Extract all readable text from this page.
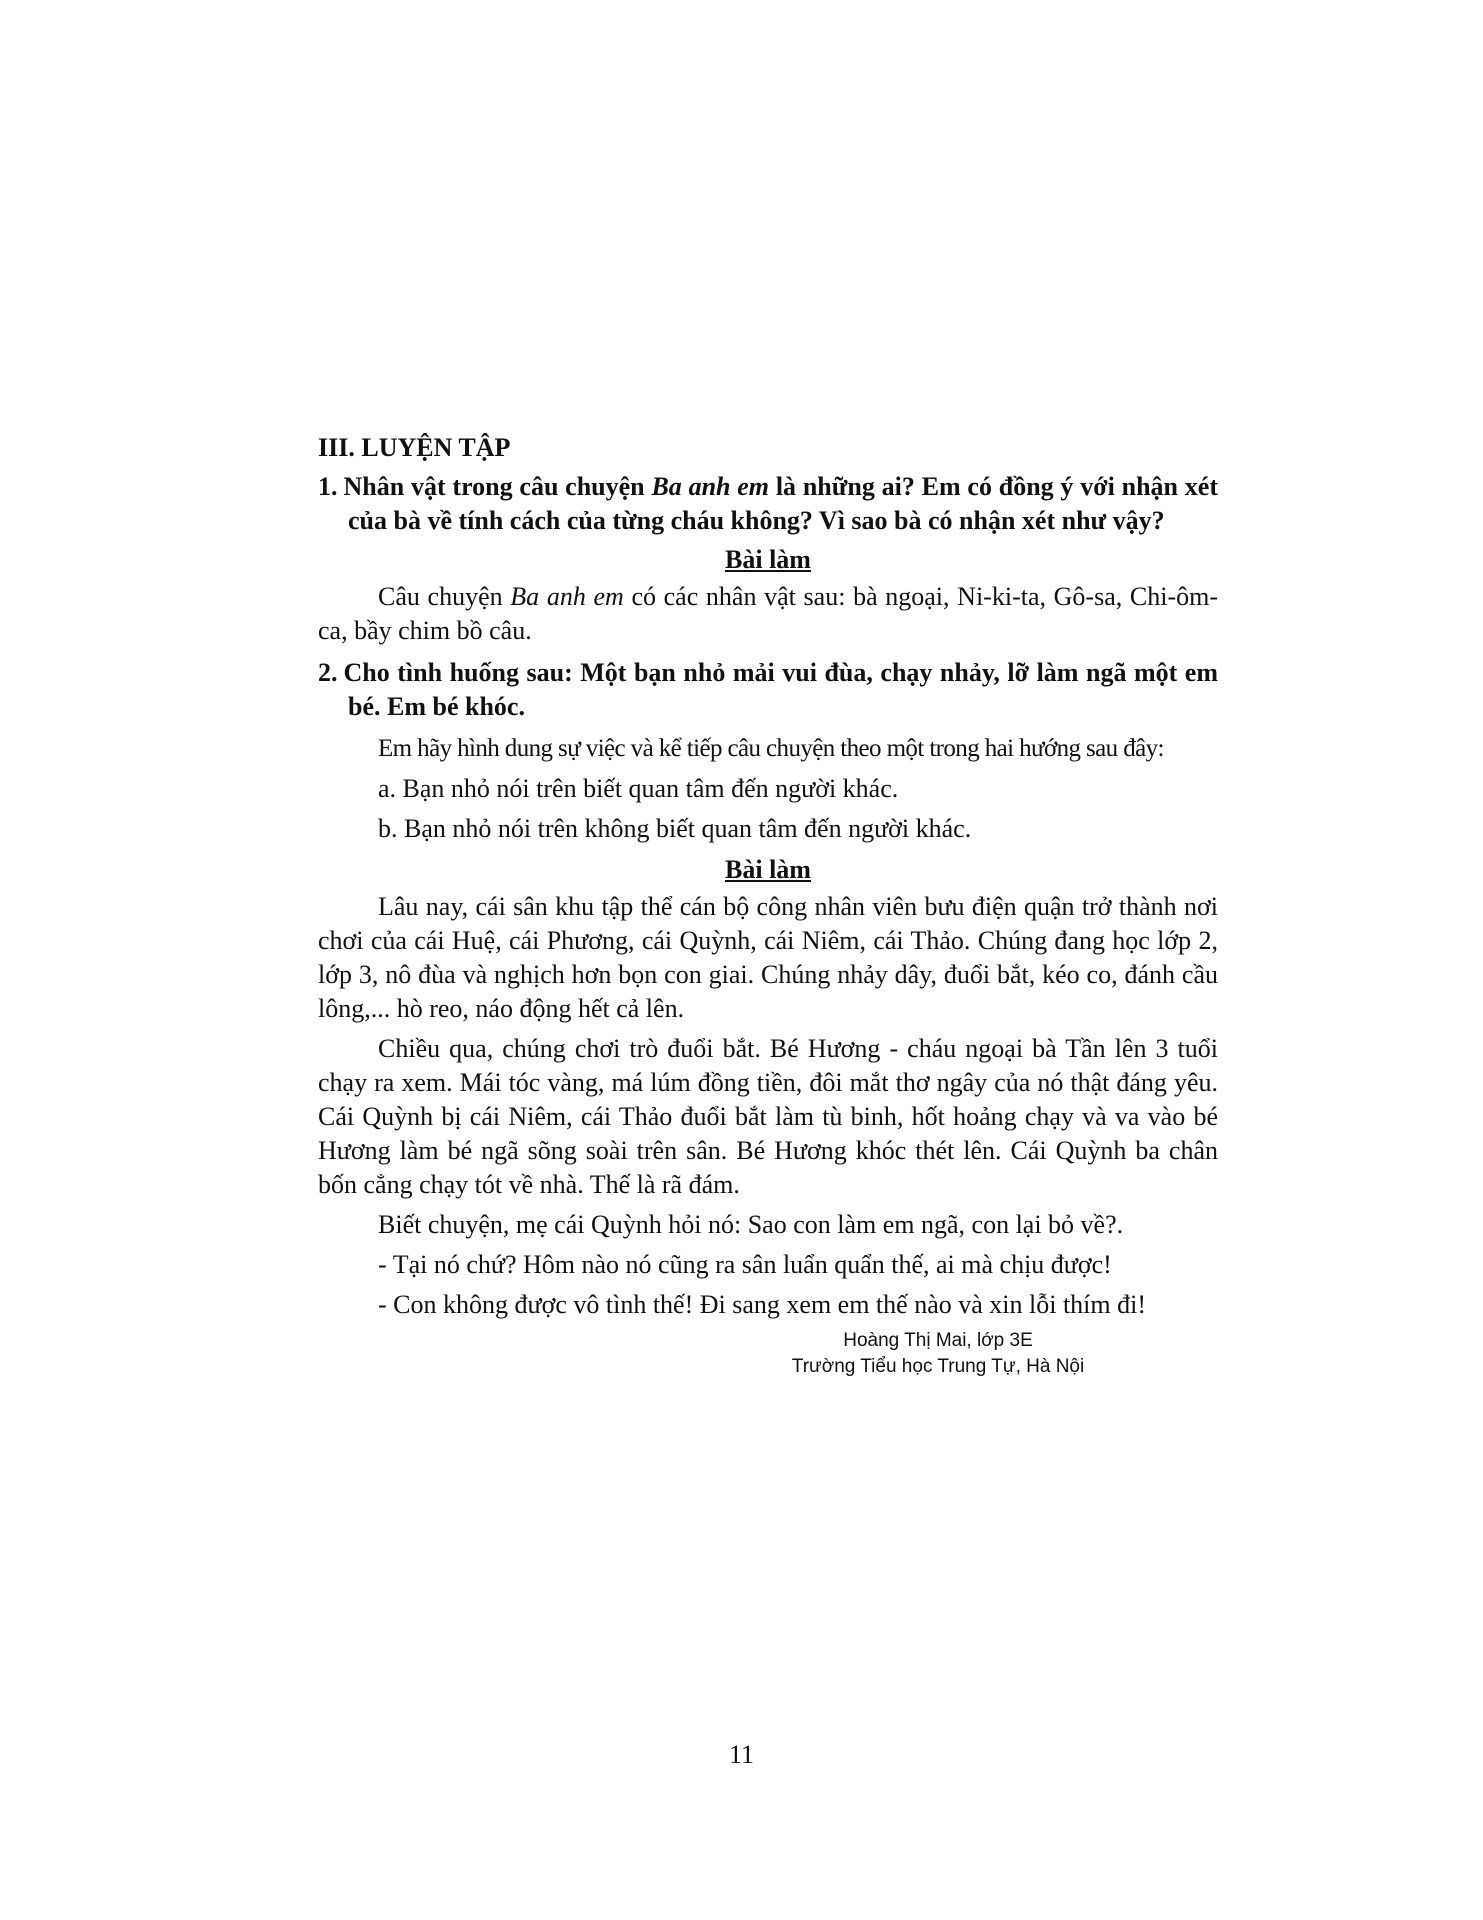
III. LUYỆN TẬP

1. Nhân vật trong câu chuyện Ba anh em là những ai? Em có đồng ý với nhận xét của bà về tính cách của từng cháu không? Vì sao bà có nhận xét như vậy?

Bài làm

Câu chuyện Ba anh em có các nhân vật sau: bà ngoại, Ni-ki-ta, Gô-sa, Chi-ôm-ca, bầy chim bồ câu.

2. Cho tình huống sau: Một bạn nhỏ mải vui đùa, chạy nhảy, lỡ làm ngã một em bé. Em bé khóc.

Em hãy hình dung sự việc và kể tiếp câu chuyện theo một trong hai hướng sau đây:

a. Bạn nhỏ nói trên biết quan tâm đến người khác.

b. Bạn nhỏ nói trên không biết quan tâm đến người khác.

Bài làm

Lâu nay, cái sân khu tập thể cán bộ công nhân viên bưu điện quận trở thành nơi chơi của cái Huệ, cái Phương, cái Quỳnh, cái Niêm, cái Thảo. Chúng đang học lớp 2, lớp 3, nô đùa và nghịch hơn bọn con giai. Chúng nhảy dây, đuổi bắt, kéo co, đánh cầu lông,... hò reo, náo động hết cả lên.

Chiều qua, chúng chơi trò đuổi bắt. Bé Hương - cháu ngoại bà Tần lên 3 tuổi chạy ra xem. Mái tóc vàng, má lúm đồng tiền, đôi mắt thơ ngây của nó thật đáng yêu. Cái Quỳnh bị cái Niêm, cái Thảo đuổi bắt làm tù binh, hốt hoảng chạy và va vào bé Hương làm bé ngã sõng soài trên sân. Bé Hương khóc thét lên. Cái Quỳnh ba chân bốn cẳng chạy tót về nhà. Thế là rã đám.

Biết chuyện, mẹ cái Quỳnh hỏi nó: Sao con làm em ngã, con lại bỏ về?.

- Tại nó chứ? Hôm nào nó cũng ra sân luẩn quẩn thế, ai mà chịu được!

- Con không được vô tình thế! Đi sang xem em thế nào và xin lỗi thím đi!

Hoàng Thị Mai, lớp 3E
Trường Tiểu học Trung Tự, Hà Nội
11
